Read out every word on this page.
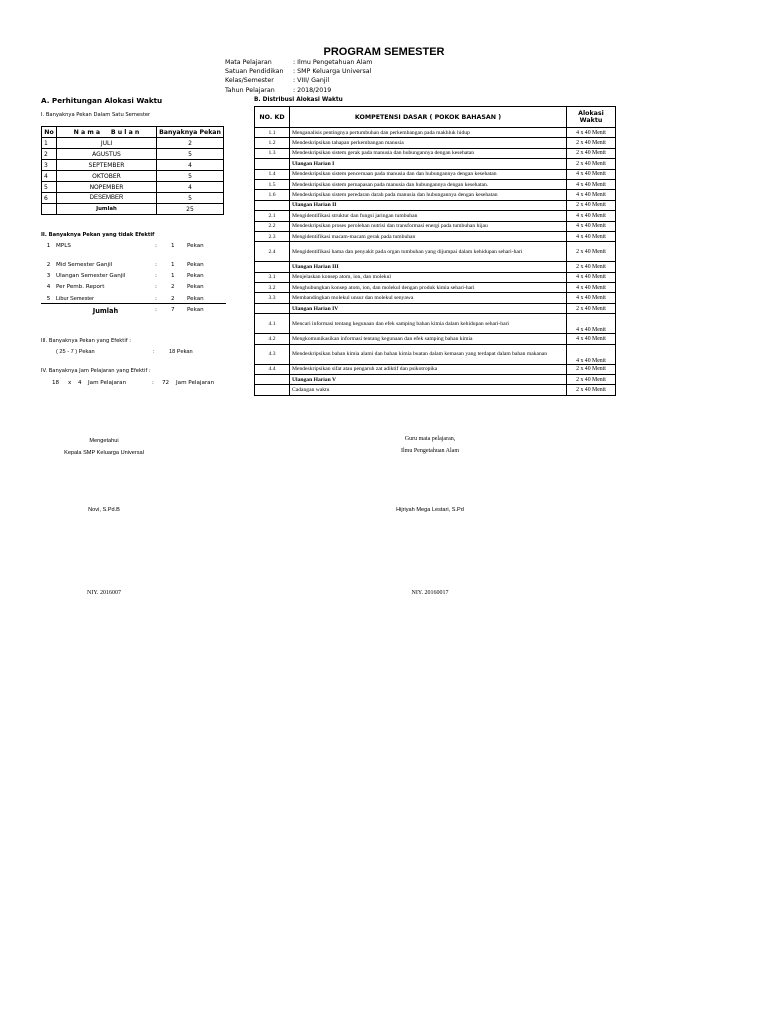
PROGRAM SEMESTER
Mata Pelajaran	: Ilmu Pengetahuan Alam
Satuan Pendidikan	: SMP Keluarga Universal
Kelas/Semester	: VIII/ Ganjil
Tahun Pelajaran	: 2018/2019
A. Perhitungan Alokasi Waktu
I. Banyaknya Pekan Dalam Satu Semester
No	N a m a     B u l a n	Banyaknya Pekan
1	JULI	2
2	AGUSTUS	5
3	SEPTEMBER	4
4	OKTOBER	5
5	NOPEMBER	4
6	DESEMBER	5
	Jumlah	25
II. Banyaknya Pekan yang tidak Efektif
1	MPLS	:	1	Pekan
2	Mid Semester Ganjil	:	1	Pekan
3	Ulangan Semester Ganjil	:	1	Pekan
4	Per Pemb. Report	:	2	Pekan
5	Libur Semester	:	2	Pekan
Jumlah	:	7	Pekan
III. Banyaknya Pekan yang Efektif :
( 25 - 7 ) Pekan	:	18 Pekan
IV. Banyaknya Jam Pelajaran yang Efektif :
18	x	4	Jam Pelajaran	:	72	Jam Pelajaran
B. Distribusi Alokasi Waktu
NO. KD	KOMPETENSI DASAR ( POKOK BAHASAN )	Alokasi Waktu
1.1	Menganalisis pentingnya pertumbuhan dan perkembangan pada makhluk hidup	4 x 40 Menit
1.2	Mendeskripsikan tahapan perkembangan manusia	2 x 40 Menit
1.3	Mendeskripsikan sistem gerak pada manusia dan hubungannya dengan kesehatan	2 x 40 Menit
	Ulangan Harian I	2 x 40 Menit
1.4	Mendeskripsikan sistem pencernaan pada manusia dan dan hubungannya dengan kesehatan	4 x 40 Menit
1.5	Mendeskripsikan sistem pernapasan pada manusia dan hubungannya dengan kesehatan.	4 x 40 Menit
1.6	Mendeskripsikan sistem peredaran darah pada manusia dan hubungannya dengan kesehatan	4 x 40 Menit
	Ulangan Harian II	2 x 40 Menit
2.1	Mengidentifikasi struktur dan fungsi jaringan tumbuhan	4 x 40 Menit
2.2	Mendeskripsikan proses perolehan nutrisi dan transformasi energi pada tumbuhan hijau	4 x 40 Menit
2.3	Mengidentifikasi macam-macam gerak pada tumbuhan	4 x 40 Menit
2.4	Mengidentifikasi hama dan penyakit pada organ tumbuhan yang dijumpai dalam kehidupan sehari-hari	2 x 40 Menit
	Ulangan Harian III	2 x 40 Menit
3.1	Menjelaskan konsep atom, ion, dan molekul	4 x 40 Menit
3.2	Menghubungkan konsep atom, ion, dan molekul dengan produk kimia sehari-hari	4 x 40 Menit
3.3	Membandingkan molekul unsur dan molekul senyawa	4 x 40 Menit
	Ulangan Harian IV	2 x 40 Menit
4.1	Mencari informasi tentang kegunaan dan efek samping bahan kimia dalam kehidupan sehari-hari	4 x 40 Menit
4.2	Mengkomunikasikan informasi tentang kegunaan dan efek samping bahan kimia	4 x 40 Menit
4.3	Mendeskripsikan bahan kimia alami dan bahan kimia buatan dalam kemasan yang terdapat dalam bahan makanan	4 x 40 Menit
4.4	Mendeskripsikan sifat atau pengaruh zat adiktif dan psikotropika	2 x 40 Menit
	Ulangan Harian V	2 x 40 Menit
	Cadangan waktu	2 x 40 Menit
Mengetahui
Kepala SMP Keluarga Universal
Novi, S.Pd.B
NIY. 2016007
Guru mata pelajaran,
Ilmu Pengetahuan Alam
Hijriyah Mega Lestari, S.Pd
NIY. 20160017
